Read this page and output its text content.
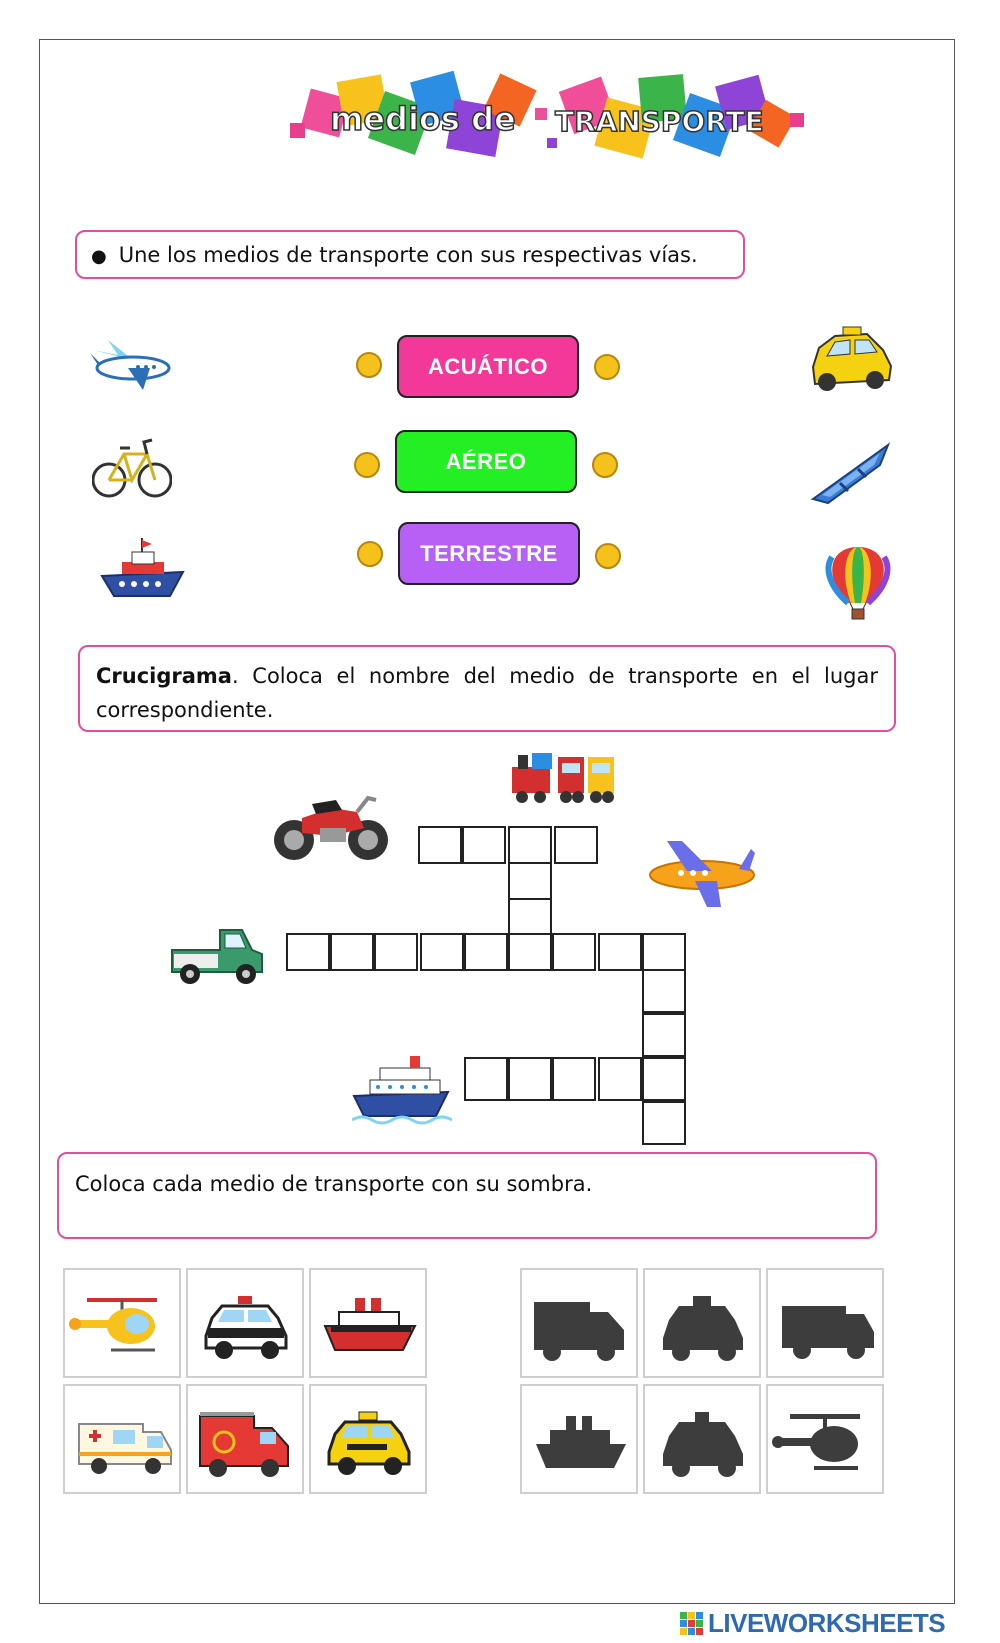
medios de TRANSPORTE
● Une los medios de transporte con sus respectivas vías.
ACUÁTICO
AÉREO
TERRESTRE
Crucigrama. Coloca el nombre del medio de transporte en el lugar correspondiente.
Coloca cada medio de transporte con su sombra.
LIVEWORKSHEETS
